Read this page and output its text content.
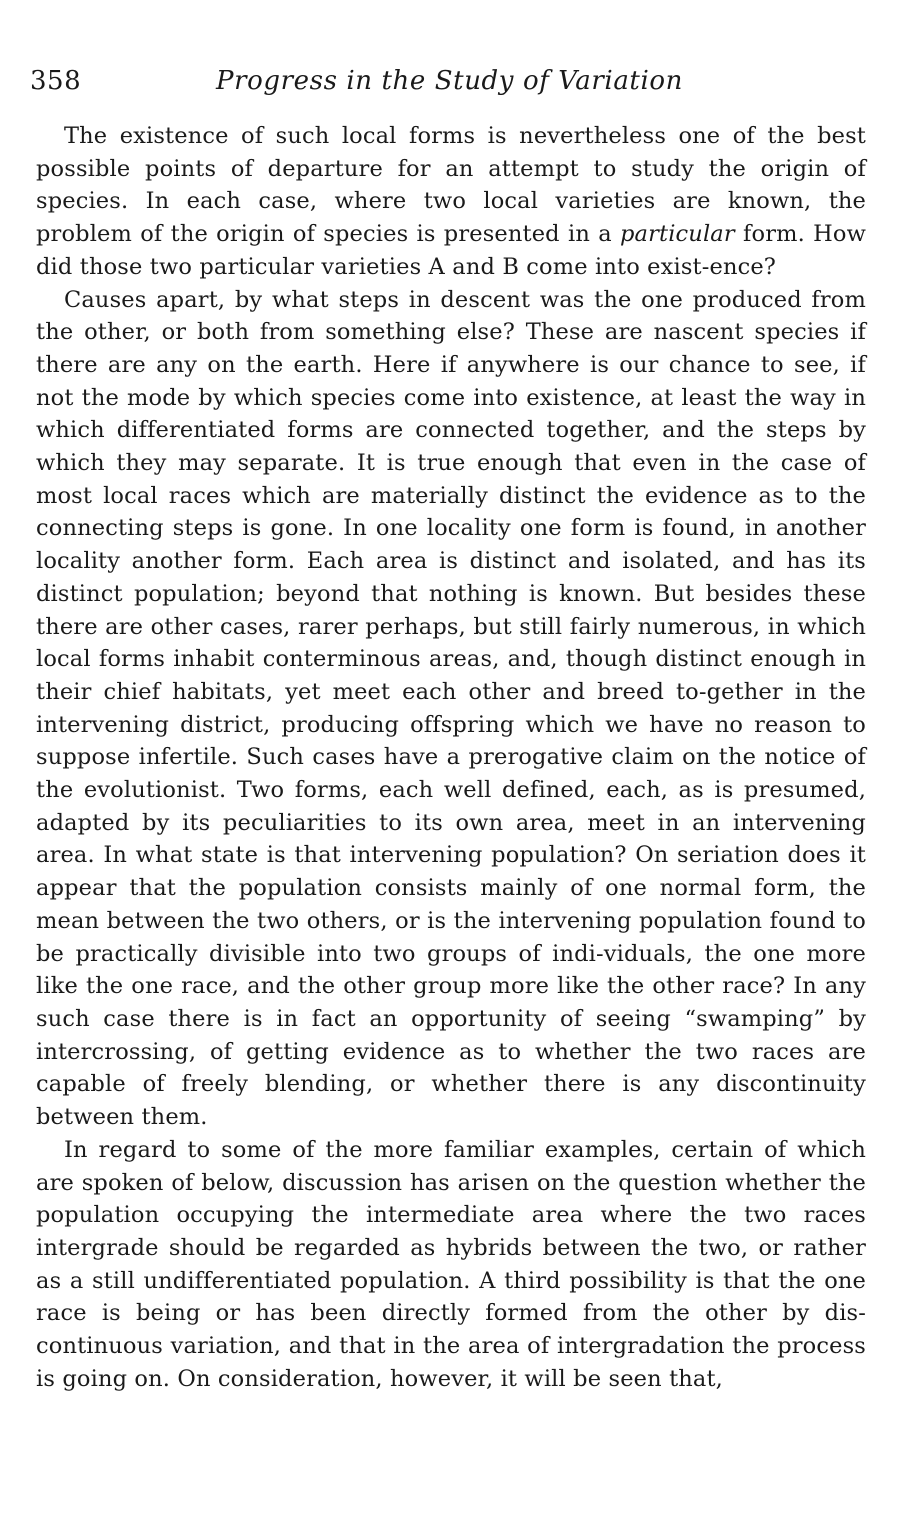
358	Progress in the Study of Variation

The existence of such local forms is nevertheless one of the best possible points of departure for an attempt to study the origin of species. In each case, where two local varieties are known, the problem of the origin of species is presented in a particular form. How did those two particular varieties A and B come into exist-ence?

Causes apart, by what steps in descent was the one produced from the other, or both from something else? These are nascent species if there are any on the earth. Here if anywhere is our chance to see, if not the mode by which species come into existence, at least the way in which differentiated forms are connected together, and the steps by which they may separate. It is true enough that even in the case of most local races which are materially distinct the evidence as to the connecting steps is gone. In one locality one form is found, in another locality another form. Each area is distinct and isolated, and has its distinct population; beyond that nothing is known. But besides these there are other cases, rarer perhaps, but still fairly numerous, in which local forms inhabit conterminous areas, and, though distinct enough in their chief habitats, yet meet each other and breed to-gether in the intervening district, producing offspring which we have no reason to suppose infertile. Such cases have a prerogative claim on the notice of the evolutionist. Two forms, each well defined, each, as is presumed, adapted by its peculiarities to its own area, meet in an intervening area. In what state is that intervening population? On seriation does it appear that the population consists mainly of one normal form, the mean between the two others, or is the intervening population found to be practically divisible into two groups of indi-viduals, the one more like the one race, and the other group more like the other race? In any such case there is in fact an opportunity of seeing “swamping” by intercrossing, of getting evidence as to whether the two races are capable of freely blending, or whether there is any discontinuity between them.

In regard to some of the more familiar examples, certain of which are spoken of below, discussion has arisen on the question whether the population occupying the intermediate area where the two races intergrade should be regarded as hybrids between the two, or rather as a still undifferentiated population. A third possibility is that the one race is being or has been directly formed from the other by dis-continuous variation, and that in the area of intergradation the process is going on. On consideration, however, it will be seen that,
